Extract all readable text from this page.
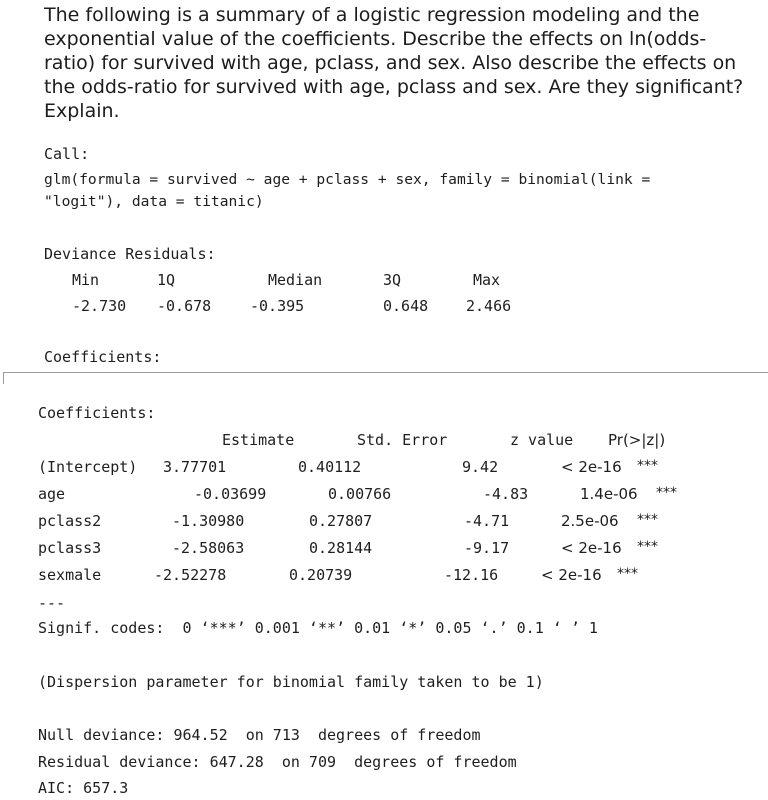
The following is a summary of a logistic regression modeling and the exponential value of the coefficients. Describe the effects on ln(odds-ratio) for survived with age, pclass, and sex. Also describe the effects on the odds-ratio for survived with age, pclass and sex. Are they significant? Explain.

Call:
glm(formula = survived ~ age + pclass + sex, family = binomial(link =
"logit"), data = titanic)
Deviance Residuals:
Min	1Q	Median	3Q	Max
-2.730 -0.678	-0.395	0.648	2.466
Coefficients:
Coefficients:
Estimate	Std. Error	z value Pr(>|z|)
(Intercept) 3.77701	0.40112	9.42	< 2e-16 ***
age	-0.03699	0.00766	-4.83	1.4e-06 ***
pclass2	-1.30980	0.27807	-4.71	2.5e-06 ***
pclass3	-2.58063	0.28144	-9.17	< 2e-16 ***
sexmale	-2.52278	0.20739	-12.16	< 2e-16 ***
---
Signif. codes:  0 ‘***’ 0.001 ‘**’ 0.01 ‘*’ 0.05 ‘.’ 0.1 ‘ ’ 1
(Dispersion parameter for binomial family taken to be 1)
Null deviance: 964.52  on 713  degrees of freedom
Residual deviance: 647.28  on 709  degrees of freedom
AIC: 657.3
